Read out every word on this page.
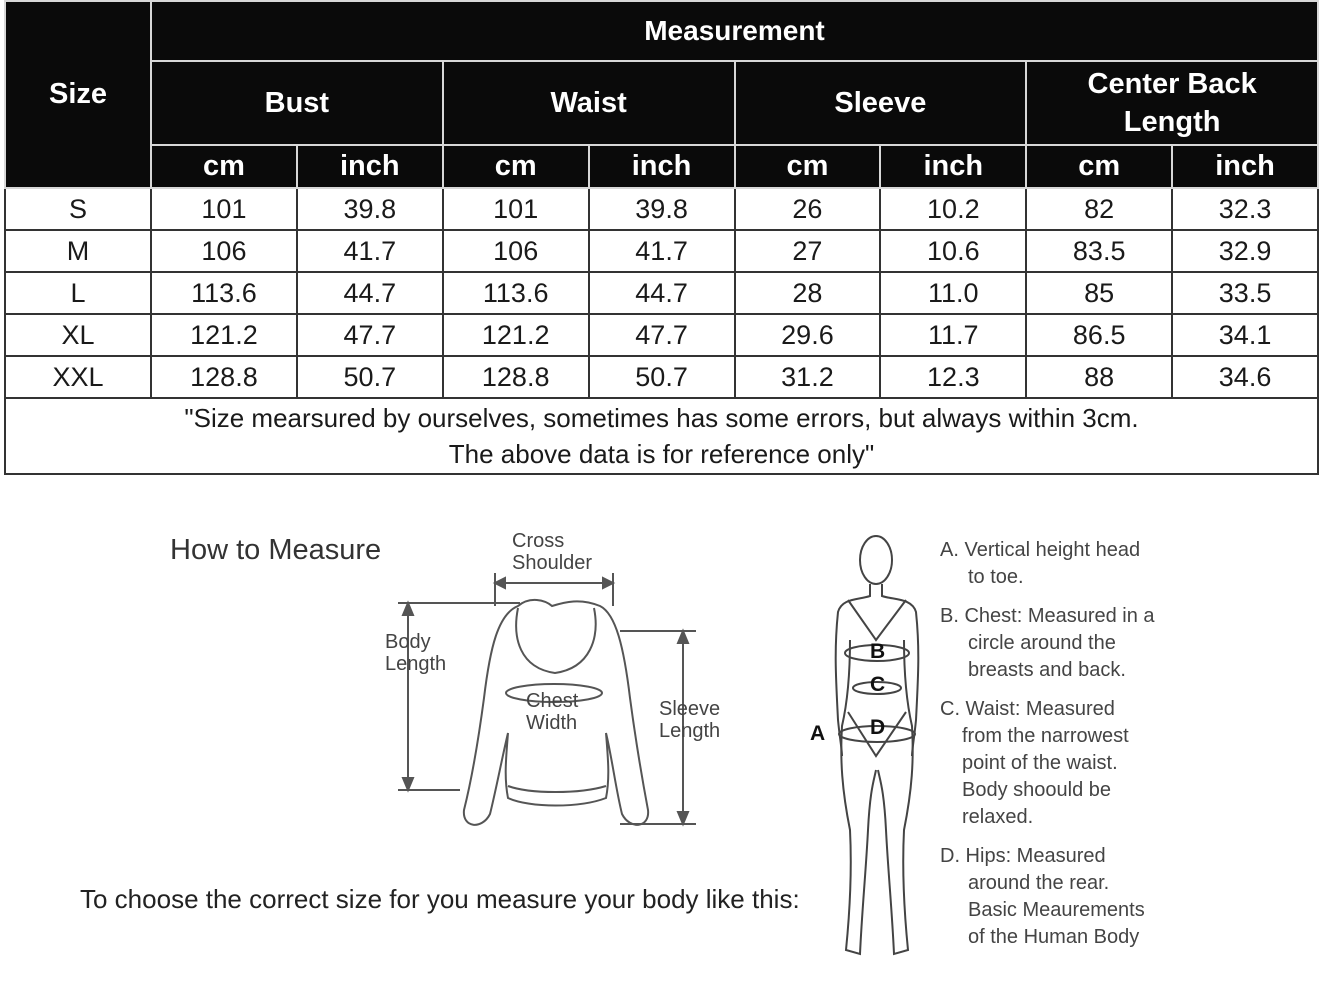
Size	Measurement							
	Bust		Waist		Sleeve		Center Back Length	
	cm	inch	cm	inch	cm	inch	cm	inch
S	101	39.8	101	39.8	26	10.2	82	32.3
M	106	41.7	106	41.7	27	10.6	83.5	32.9
L	113.6	44.7	113.6	44.7	28	11.0	85	33.5
XL	121.2	47.7	121.2	47.7	29.6	11.7	86.5	34.1
XXL	128.8	50.7	128.8	50.7	31.2	12.3	88	34.6

"Size mearsured by ourselves, sometimes has some errors, but always within 3cm.
The above data is for reference only"								
How to Measure	Cross
Shoulder
Body
Length
Chest
Width
Sleeve
Length	A
B
C
D
A. Vertical height head
to toe.
B. Chest: Measured in a
circle around the
breasts and back.
C. Waist: Measured
from the narrowest
point of the waist.
Body shoould be
relaxed.
D. Hips: Measured
around the rear.
Basic Meaurements
of the Human Body
To choose the correct size for you measure your body like this:
